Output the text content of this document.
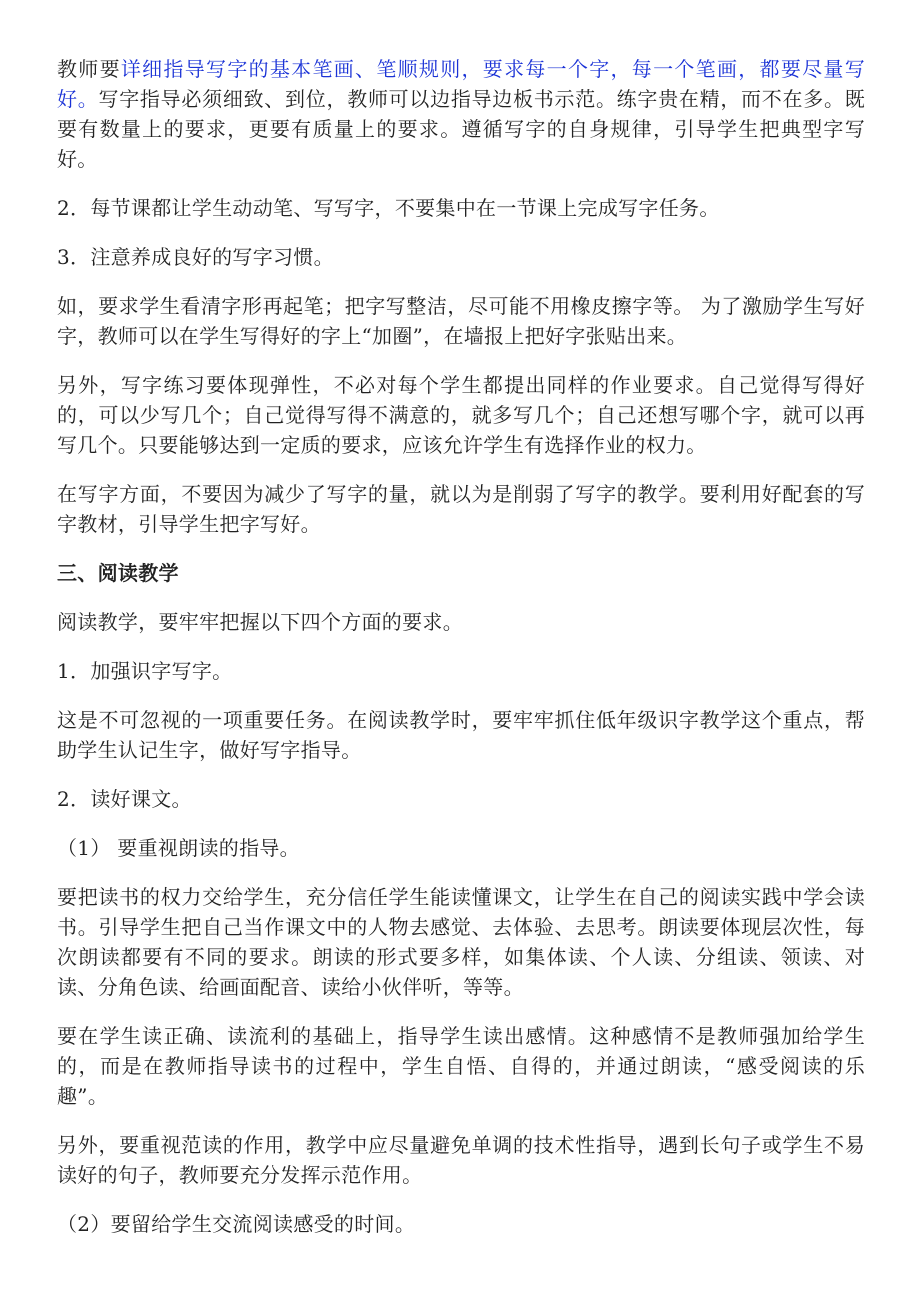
教师要详细指导写字的基本笔画、笔顺规则，要求每一个字，每一个笔画，都要尽量写好。写字指导必须细致、到位，教师可以边指导边板书示范。练字贵在精，而不在多。既要有数量上的要求，更要有质量上的要求。遵循写字的自身规律，引导学生把典型字写好。

2．每节课都让学生动动笔、写写字，不要集中在一节课上完成写字任务。

3．注意养成良好的写字习惯。

如，要求学生看清字形再起笔；把字写整洁，尽可能不用橡皮擦字等。 为了激励学生写好字，教师可以在学生写得好的字上“加圈”，在墙报上把好字张贴出来。

另外，写字练习要体现弹性，不必对每个学生都提出同样的作业要求。自己觉得写得好的，可以少写几个；自己觉得写得不满意的，就多写几个；自己还想写哪个字，就可以再写几个。只要能够达到一定质的要求，应该允许学生有选择作业的权力。

在写字方面，不要因为减少了写字的量，就以为是削弱了写字的教学。要利用好配套的写字教材，引导学生把字写好。

三、阅读教学

阅读教学，要牢牢把握以下四个方面的要求。

1．加强识字写字。

这是不可忽视的一项重要任务。在阅读教学时，要牢牢抓住低年级识字教学这个重点，帮助学生认记生字，做好写字指导。

2．读好课文。

（1） 要重视朗读的指导。

要把读书的权力交给学生，充分信任学生能读懂课文，让学生在自己的阅读实践中学会读书。引导学生把自己当作课文中的人物去感觉、去体验、去思考。朗读要体现层次性，每次朗读都要有不同的要求。朗读的形式要多样，如集体读、个人读、分组读、领读、对读、分角色读、给画面配音、读给小伙伴听，等等。

要在学生读正确、读流利的基础上，指导学生读出感情。这种感情不是教师强加给学生的，而是在教师指导读书的过程中，学生自悟、自得的，并通过朗读，“感受阅读的乐趣”。

另外，要重视范读的作用，教学中应尽量避免单调的技术性指导，遇到长句子或学生不易读好的句子，教师要充分发挥示范作用。

（2）要留给学生交流阅读感受的时间。
